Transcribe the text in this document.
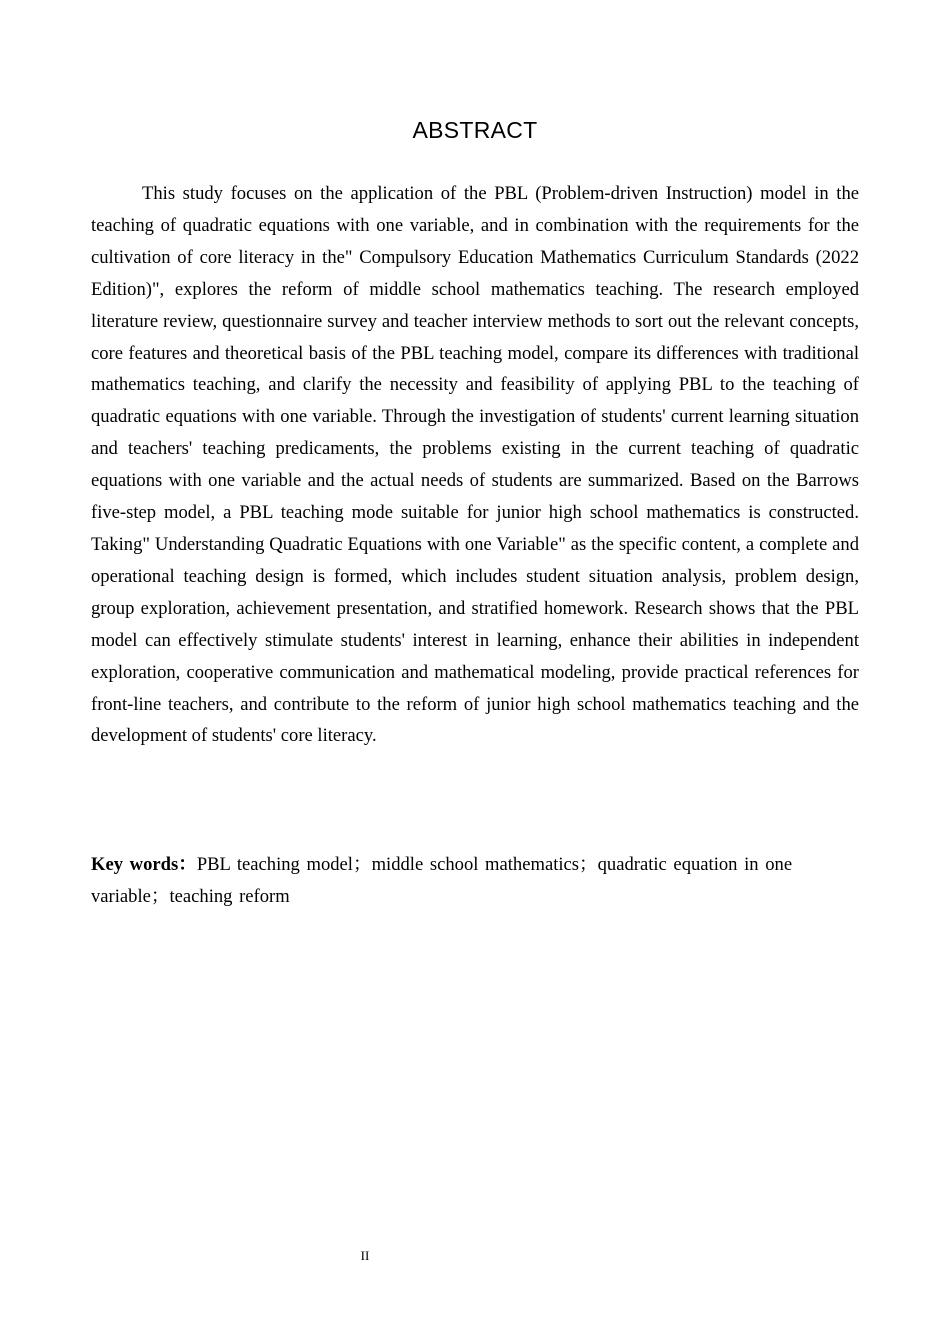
ABSTRACT

This study focuses on the application of the PBL (Problem-driven Instruction) model in the teaching of quadratic equations with one variable, and in combination with the requirements for the cultivation of core literacy in the" Compulsory Education Mathematics Curriculum Standards (2022 Edition)", explores the reform of middle school mathematics teaching. The research employed literature review, questionnaire survey and teacher interview methods to sort out the relevant concepts, core features and theoretical basis of the PBL teaching model, compare its differences with traditional mathematics teaching, and clarify the necessity and feasibility of applying PBL to the teaching of quadratic equations with one variable. Through the investigation of students' current learning situation and teachers' teaching predicaments, the problems existing in the current teaching of quadratic equations with one variable and the actual needs of students are summarized. Based on the Barrows five-step model, a PBL teaching mode suitable for junior high school mathematics is constructed. Taking" Understanding Quadratic Equations with one Variable" as the specific content, a complete and operational teaching design is formed, which includes student situation analysis, problem design, group exploration, achievement presentation, and stratified homework. Research shows that the PBL model can effectively stimulate students' interest in learning, enhance their abilities in independent exploration, cooperative communication and mathematical modeling, provide practical references for front-line teachers, and contribute to the reform of junior high school mathematics teaching and the development of students' core literacy.

Key words：PBL teaching model；middle school mathematics；quadratic equation in one variable；teaching reform

II
